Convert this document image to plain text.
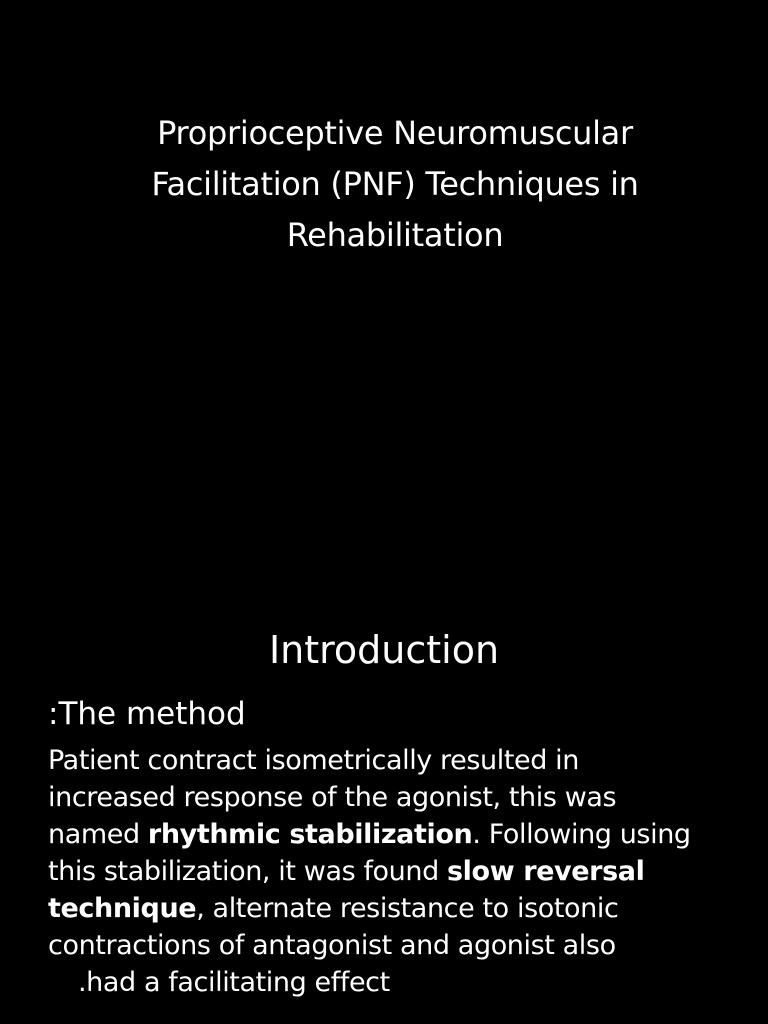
Proprioceptive Neuromuscular
Facilitation (PNF) Techniques in
Rehabilitation
Introduction
:The method
Patient contract isometrically resulted in
increased response of the agonist, this was
named rhythmic stabilization. Following using
this stabilization, it was found slow reversal
technique, alternate resistance to isotonic
contractions of antagonist and agonist also
.had a facilitating effect
